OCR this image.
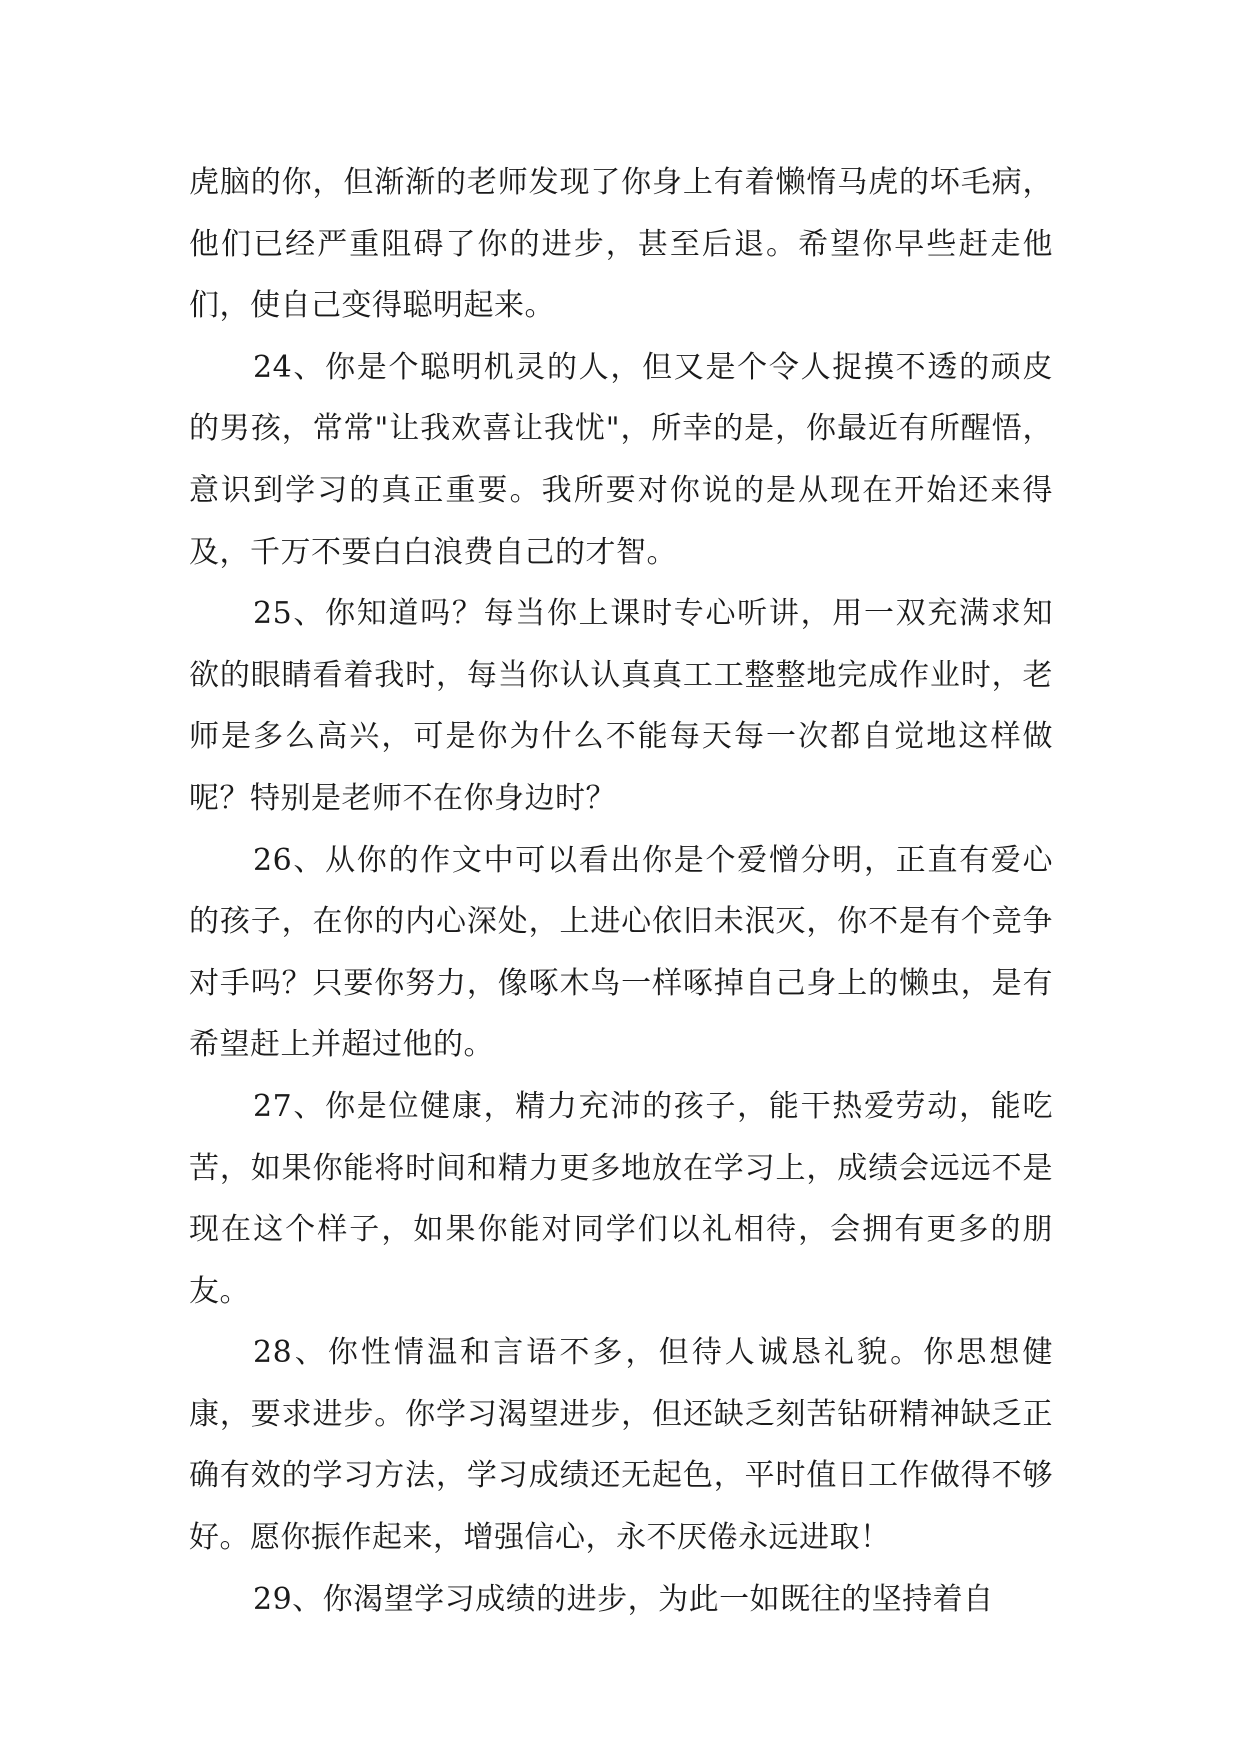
虎脑的你，但渐渐的老师发现了你身上有着懒惰马虎的坏毛病，他们已经严重阻碍了你的进步，甚至后退。希望你早些赶走他们，使自己变得聪明起来。

24、你是个聪明机灵的人，但又是个令人捉摸不透的顽皮的男孩，常常"让我欢喜让我忧"，所幸的是，你最近有所醒悟，意识到学习的真正重要。我所要对你说的是从现在开始还来得及，千万不要白白浪费自己的才智。

25、你知道吗？每当你上课时专心听讲，用一双充满求知欲的眼睛看着我时，每当你认认真真工工整整地完成作业时，老师是多么高兴，可是你为什么不能每天每一次都自觉地这样做呢？特别是老师不在你身边时？

26、从你的作文中可以看出你是个爱憎分明，正直有爱心的孩子，在你的内心深处，上进心依旧未泯灭，你不是有个竞争对手吗？只要你努力，像啄木鸟一样啄掉自己身上的懒虫，是有希望赶上并超过他的。

27、你是位健康，精力充沛的孩子，能干热爱劳动，能吃苦，如果你能将时间和精力更多地放在学习上，成绩会远远不是现在这个样子，如果你能对同学们以礼相待，会拥有更多的朋友。

28、你性情温和言语不多，但待人诚恳礼貌。你思想健康，要求进步。你学习渴望进步，但还缺乏刻苦钻研精神缺乏正确有效的学习方法，学习成绩还无起色，平时值日工作做得不够好。愿你振作起来，增强信心，永不厌倦永远进取！

29、你渴望学习成绩的进步，为此一如既往的坚持着自
